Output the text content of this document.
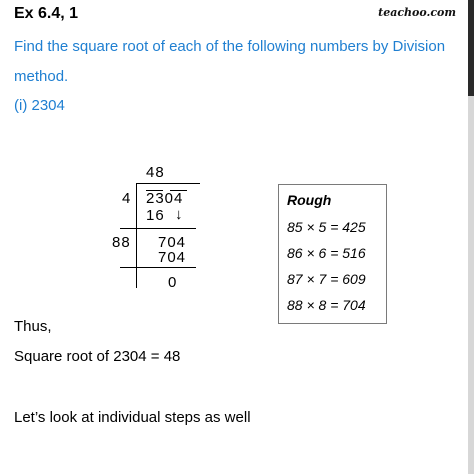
Ex 6.4, 1	teachoo.com
Find the square root of each of the following numbers by Division
method.
(i) 2304
48
4 2304
16 ↓
88 704
704
0
Rough
85 × 5 = 425
86 × 6 = 516
87 × 7 = 609
88 × 8 = 704
Thus,
Square root of 2304 = 48
Let’s look at individual steps as well
